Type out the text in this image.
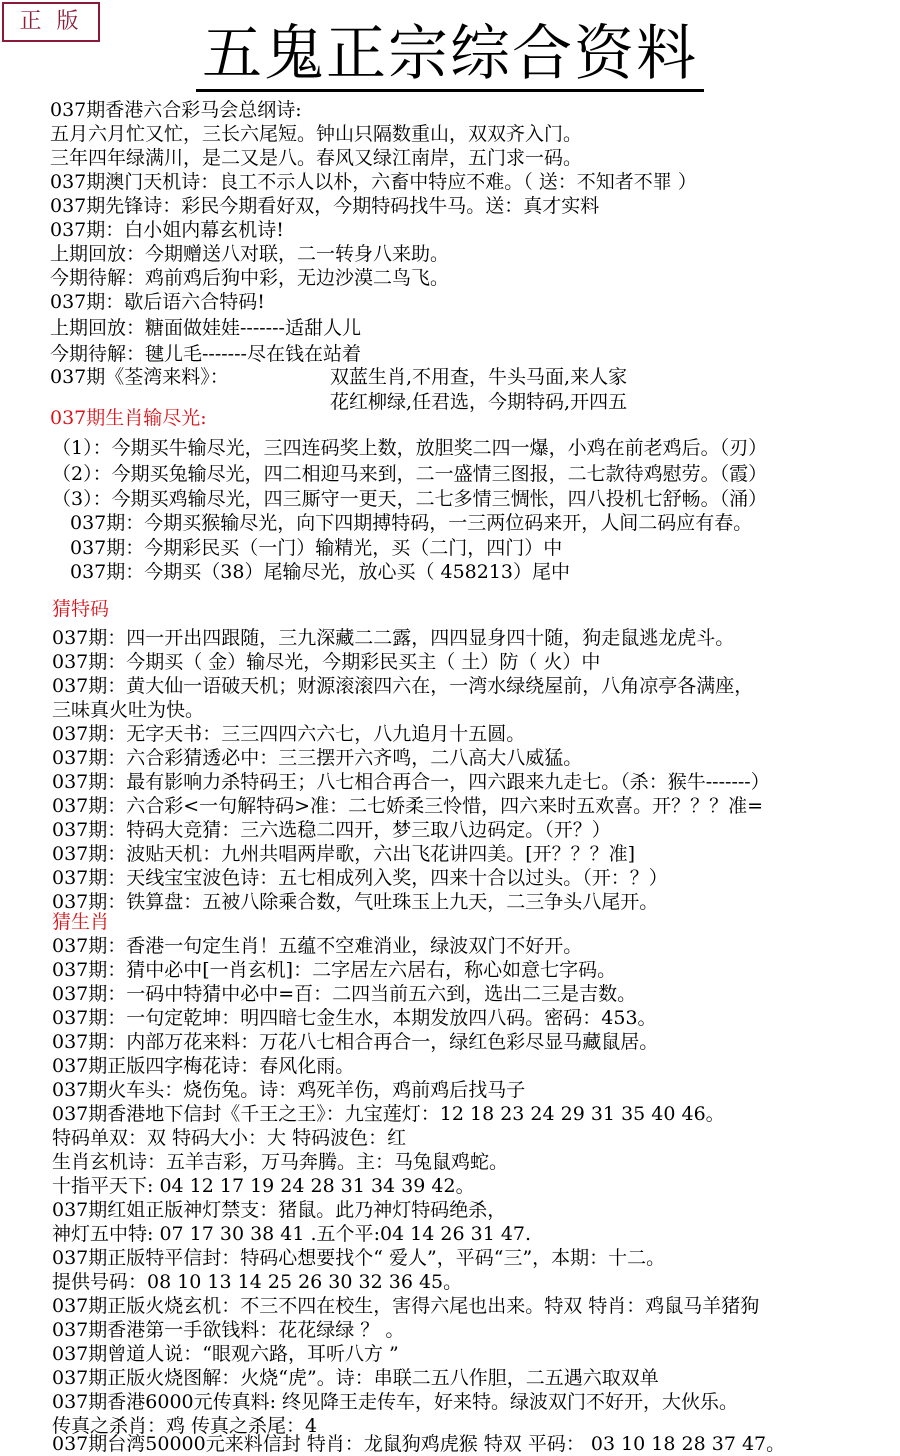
正 版	五鬼正宗综合资料
037期香港六合彩马会总纲诗:
五月六月忙又忙，三长六尾短。钟山只隔数重山，双双齐入门。
三年四年绿满川，是二又是八。春风又绿江南岸，五门求一码。
037期澳门天机诗：良工不示人以朴，六畜中特应不难。（ 送：不知者不罪 ）
037期先锋诗：彩民今期看好双，今期特码找牛马。送：真才实料
037期：白小姐内幕玄机诗!
上期回放：今期赠送八对联，二一转身八来助。
今期待解：鸡前鸡后狗中彩，无边沙漠二鸟飞。
037期：歇后语六合特码!
上期回放：糖面做娃娃-------适甜人儿
今期待解：毽儿毛-------尽在钱在站着
037期《荃湾来料》：	双蓝生肖,不用查，牛头马面,来人家
花红柳绿,任君选，今期特码,开四五
037期生肖输尽光:
（1）：今期买牛输尽光，三四连码奖上数，放胆奖二四一爆，小鸡在前老鸡后。（刃）
（2）：今期买兔输尽光，四二相迎马来到，二一盛情三图报，二七款待鸡慰劳。（霞）
（3）：今期买鸡输尽光，四三厮守一更天，二七多情三惆怅，四八投机七舒畅。（涌）
037期：今期买猴输尽光，向下四期搏特码，一三两位码来开，人间二码应有春。
037期：今期彩民买（一门）输精光，买（二门，四门）中
037期：今期买（38）尾输尽光，放心买（ 458213）尾中
猜特码
037期：四一开出四跟随，三九深藏二二露，四四显身四十随，狗走鼠逃龙虎斗。
037期：今期买（ 金）输尽光，今期彩民买主（ 土）防（ 火）中
037期：黄大仙一语破天机；财源滚滚四六在，一湾水绿绕屋前，八角凉亭各满座，
三味真火吐为快。
037期：无字天书：三三四四六六七，八九追月十五圆。
037期：六合彩猜透必中：三三摆开六齐鸣，二八高大八威猛。
037期：最有影响力杀特码王；八七相合再合一，四六跟来九走七。（杀：猴牛-------）
037期：六合彩<一句解特码>准：二七娇柔三怜惜，四六来时五欢喜。开？？？准=
037期：特码大竞猜：三六选稳二四开，梦三取八边码定。（开？）
037期：波贴天机：九州共唱两岸歌，六出飞花讲四美。[开？？？准]
037期：天线宝宝波色诗：五七相成列入奖，四来十合以过头。（开：？）
037期：铁算盘：五被八除乘合数，气吐珠玉上九天，二三争头八尾开。
猜生肖
037期：香港一句定生肖！五蕴不空难消业，绿波双门不好开。
037期：猜中必中[一肖玄机]：二字居左六居右，称心如意七字码。
037期：一码中特猜中必中=百：二四当前五六到，选出二三是吉数。
037期：一句定乾坤：明四暗七金生水，本期发放四八码。密码：453。
037期：内部万花来料：万花八七相合再合一，绿红色彩尽显马藏鼠居。
037期正版四字梅花诗：春风化雨。
037期火车头：烧伤兔。诗：鸡死羊伤，鸡前鸡后找马子
037期香港地下信封《千王之王》：九宝莲灯：12 18 23 24 29 31 35 40 46。
特码单双：双 特码大小：大 特码波色：红
生肖玄机诗：五羊吉彩，万马奔腾。主：马兔鼠鸡蛇。
十指平天下: 04 12 17 19 24 28 31 34 39 42。
037期红姐正版神灯禁支：猪鼠。此乃神灯特码绝杀，
神灯五中特: 07 17 30 38 41 .五个平:04 14 26 31 47.
037期正版特平信封：特码心想要找个“ 爱人”，平码“三”，本期：十二。
提供号码：08 10 13 14 25 26 30 32 36 45。
037期正版火烧玄机：不三不四在校生，害得六尾也出来。特双 特肖：鸡鼠马羊猪狗
037期香港第一手欲钱料：花花绿绿 ？ 。
037期曾道人说：“眼观六路，耳听八方 ”
037期正版火烧图解：火烧“虎”。诗：串联二五八作胆，二五遇六取双单
037期香港6000元传真料: 终见降王走传车，好来特。绿波双门不好开，大伙乐。
传真之杀肖：鸡 传真之杀尾：4
037期台湾50000元来料信封 特肖：龙鼠狗鸡虎猴 特双 平码： 03 10 18 28 37 47。
